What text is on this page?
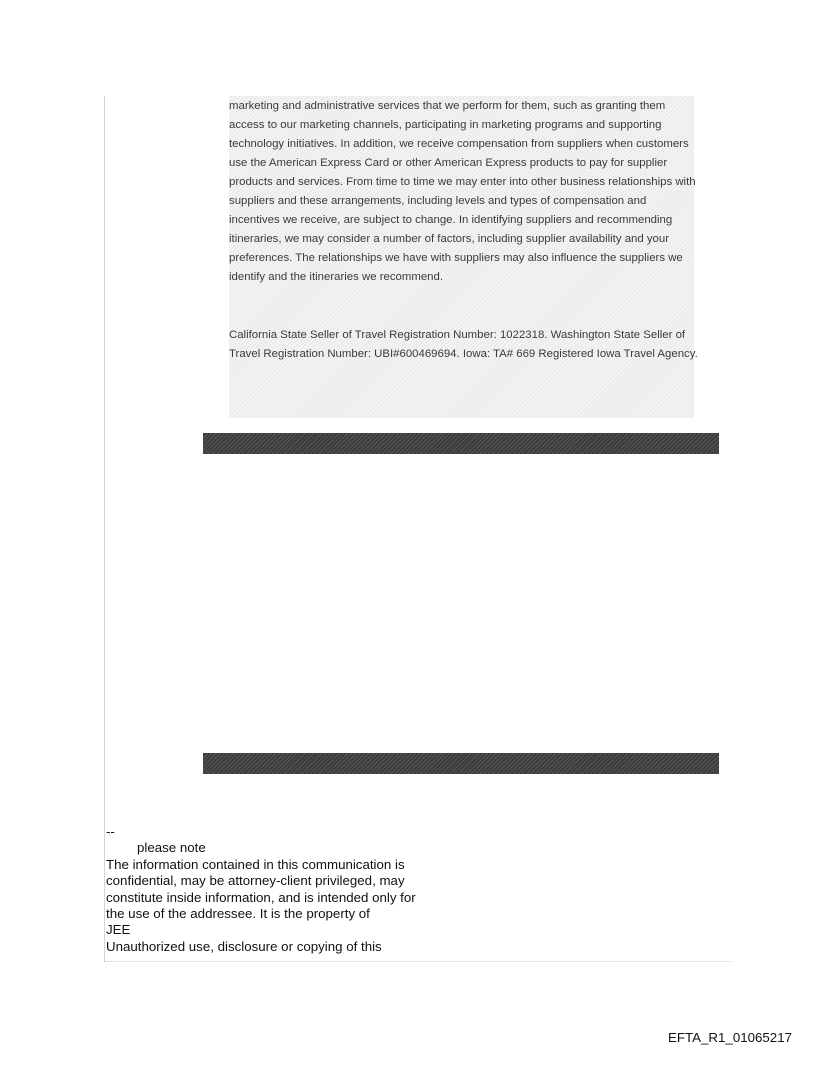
marketing and administrative services that we perform for them, such as granting them access to our marketing channels, participating in marketing programs and supporting technology initiatives. In addition, we receive compensation from suppliers when customers use the American Express Card or other American Express products to pay for supplier products and services. From time to time we may enter into other business relationships with suppliers and these arrangements, including levels and types of compensation and incentives we receive, are subject to change. In identifying suppliers and recommending itineraries, we may consider a number of factors, including supplier availability and your preferences. The relationships we have with suppliers may also influence the suppliers we identify and the itineraries we recommend.

California State Seller of Travel Registration Number: 1022318. Washington State Seller of Travel Registration Number: UBI#600469694. Iowa: TA# 669 Registered Iowa Travel Agency.

--
please note
The information contained in this communication is
confidential, may be attorney-client privileged, may
constitute inside information, and is intended only for
the use of the addressee. It is the property of
JEE
Unauthorized use, disclosure or copying of this
EFTA_R1_01065217
